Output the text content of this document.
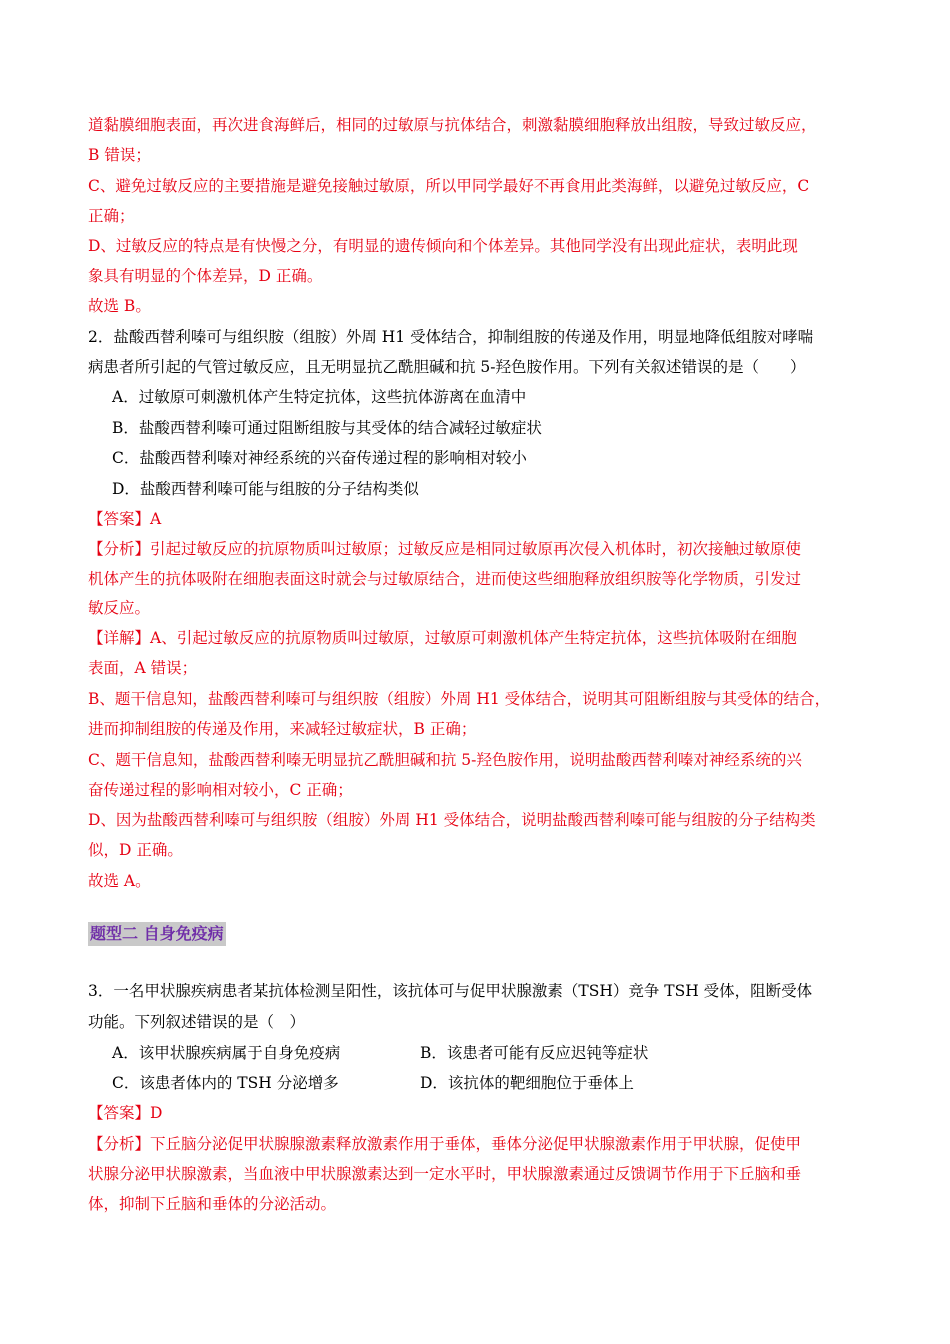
道黏膜细胞表面，再次进食海鲜后，相同的过敏原与抗体结合，刺激黏膜细胞释放出组胺，导致过敏反应，
B 错误；
C、避免过敏反应的主要措施是避免接触过敏原，所以甲同学最好不再食用此类海鲜，以避免过敏反应，C
正确；
D、过敏反应的特点是有快慢之分，有明显的遗传倾向和个体差异。其他同学没有出现此症状，表明此现
象具有明显的个体差异，D 正确。
故选 B。
2．盐酸西替利嗪可与组织胺（组胺）外周 H1 受体结合，抑制组胺的传递及作用，明显地降低组胺对哮喘
病患者所引起的气管过敏反应，且无明显抗乙酰胆碱和抗 5-羟色胺作用。下列有关叙述错误的是（　　）
A．过敏原可刺激机体产生特定抗体，这些抗体游离在血清中
B．盐酸西替利嗪可通过阻断组胺与其受体的结合减轻过敏症状
C．盐酸西替利嗪对神经系统的兴奋传递过程的影响相对较小
D．盐酸西替利嗪可能与组胺的分子结构类似
【答案】A
【分析】引起过敏反应的抗原物质叫过敏原；过敏反应是相同过敏原再次侵入机体时，初次接触过敏原使
机体产生的抗体吸附在细胞表面这时就会与过敏原结合，进而使这些细胞释放组织胺等化学物质，引发过
敏反应。
【详解】A、引起过敏反应的抗原物质叫过敏原，过敏原可刺激机体产生特定抗体，这些抗体吸附在细胞
表面，A 错误；
B、题干信息知，盐酸西替利嗪可与组织胺（组胺）外周 H1 受体结合，说明其可阻断组胺与其受体的结合，
进而抑制组胺的传递及作用，来减轻过敏症状，B 正确；
C、题干信息知，盐酸西替利嗪无明显抗乙酰胆碱和抗 5-羟色胺作用，说明盐酸西替利嗪对神经系统的兴
奋传递过程的影响相对较小，C 正确；
D、因为盐酸西替利嗪可与组织胺（组胺）外周 H1 受体结合，说明盐酸西替利嗪可能与组胺的分子结构类
似，D 正确。
故选 A。
题型二 自身免疫病
3．一名甲状腺疾病患者某抗体检测呈阳性，该抗体可与促甲状腺激素（TSH）竞争 TSH 受体，阻断受体
功能。下列叙述错误的是（　）
A．该甲状腺疾病属于自身免疫病	B．该患者可能有反应迟钝等症状
C．该患者体内的 TSH 分泌增多	D．该抗体的靶细胞位于垂体上
【答案】D
【分析】下丘脑分泌促甲状腺腺激素释放激素作用于垂体，垂体分泌促甲状腺激素作用于甲状腺，促使甲
状腺分泌甲状腺激素，当血液中甲状腺激素达到一定水平时，甲状腺激素通过反馈调节作用于下丘脑和垂
体，抑制下丘脑和垂体的分泌活动。
